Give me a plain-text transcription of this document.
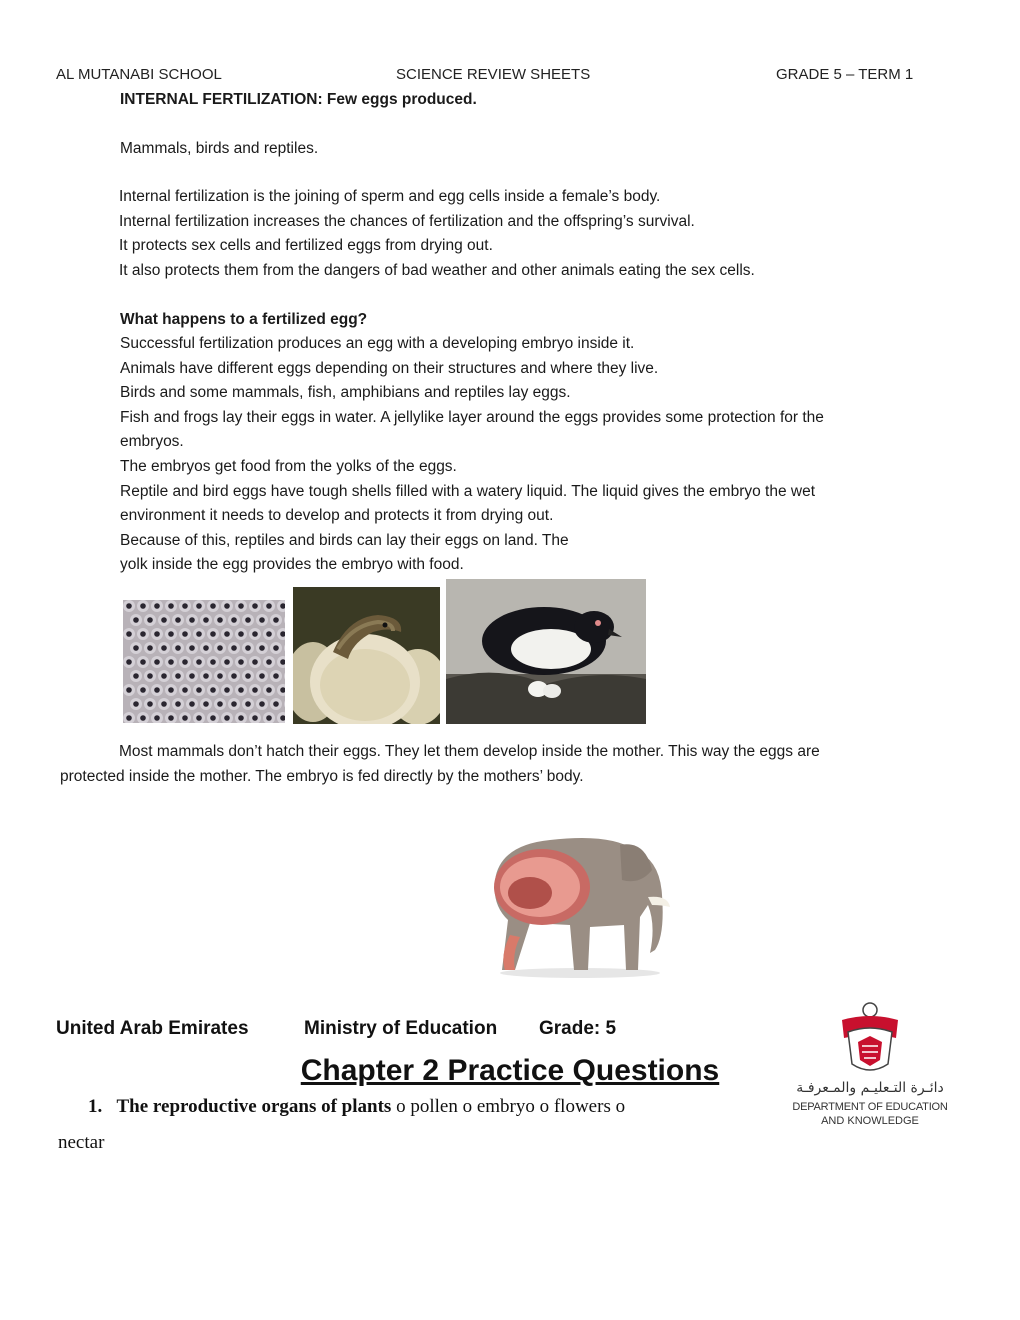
AL MUTANABI SCHOOL	SCIENCE REVIEW SHEETS	GRADE 5 – TERM 1
INTERNAL FERTILIZATION: Few eggs produced.
Mammals, birds and reptiles.
Internal fertilization is the joining of sperm and egg cells inside a female’s body.
Internal fertilization increases the chances of fertilization and the offspring’s survival.
It protects sex cells and fertilized eggs from drying out.
It also protects them from the dangers of bad weather and other animals eating the sex cells.
What happens to a fertilized egg?
Successful fertilization produces an egg with a developing embryo inside it.
Animals have different eggs depending on their structures and where they live.
Birds and some mammals, fish, amphibians and reptiles lay eggs.
Fish and frogs lay their eggs in water. A jellylike layer around the eggs provides some protection for the
embryos.
The embryos get food from the yolks of the eggs.
Reptile and bird eggs have tough shells filled with a watery liquid. The liquid gives the embryo the wet
environment it needs to develop and protects it from drying out.
Because of this, reptiles and birds can lay their eggs on land. The
yolk inside the egg provides the embryo with food.
Most mammals don’t hatch their eggs. They let them develop inside the mother. This way the eggs are
protected inside the mother. The embryo is fed directly by the mothers’ body.
United Arab Emirates	Ministry of Education Grade: 5
Chapter 2 Practice Questions
دائـرة التـعليـم والمـعرفـة
DEPARTMENT OF EDUCATION
AND KNOWLEDGE
1. The reproductive organs of plants o pollen o embryo o flowers o
nectar
